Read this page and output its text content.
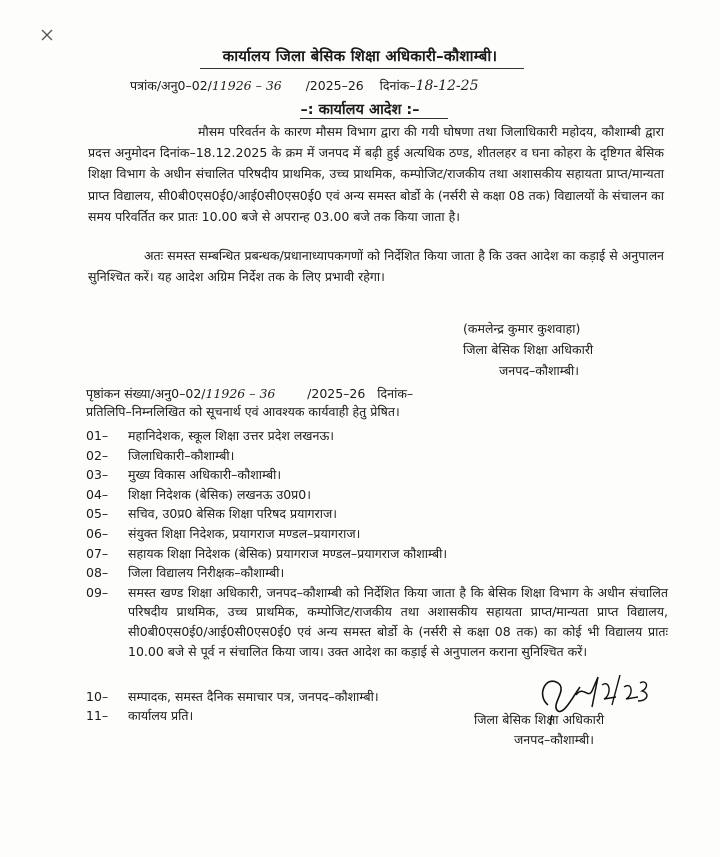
कार्यालय जिला बेसिक शिक्षा अधिकारी–कौशाम्बी।
पत्रांक/अनु0–02/11926 – 36 /2025–26 दिनांक–18-12-25
–: कार्यालय आदेश :–
मौसम परिवर्तन के कारण मौसम विभाग द्वारा की गयी घोषणा तथा जिलाधिकारी महोदय, कौशाम्बी द्वारा प्रदत्त अनुमोदन दिनांक–18.12.2025 के क्रम में जनपद में बढ़ी हुई अत्यधिक ठण्ड, शीतलहर व घना कोहरा के दृष्टिगत बेसिक शिक्षा विभाग के अधीन संचालित परिषदीय प्राथमिक, उच्च प्राथमिक, कम्पोजिट/राजकीय तथा अशासकीय सहायता प्राप्त/मान्यता प्राप्त विद्यालय, सी0बी0एस0ई0/आई0सी0एस0ई0 एवं अन्य समस्त बोर्डो के (नर्सरी से कक्षा 08 तक) विद्यालयों के संचालन का समय परिवर्तित कर प्रातः 10.00 बजे से अपरान्ह 03.00 बजे तक किया जाता है।
अतः समस्त सम्बन्धित प्रबन्धक/प्रधानाध्यापकगणों को निर्देशित किया जाता है कि उक्त आदेश का कड़ाई से अनुपालन सुनिश्चित करें। यह आदेश अग्रिम निर्देश तक के लिए प्रभावी रहेगा।
(कमलेन्द्र कुमार कुशवाहा)
जिला बेसिक शिक्षा अधिकारी
जनपद–कौशाम्बी।
पृष्ठांकन संख्या/अनु0–02/11926 – 36	/2025–26 दिनांक–
प्रतिलिपि–निम्नलिखित को सूचनार्थ एवं आवश्यक कार्यवाही हेतु प्रेषित।
01–	महानिदेशक, स्कूल शिक्षा उत्तर प्रदेश लखनऊ।
02–	जिलाधिकारी–कौशाम्बी।
03–	मुख्य विकास अधिकारी–कौशाम्बी।
04–	शिक्षा निदेशक (बेसिक) लखनऊ उ0प्र0।
05–	सचिव, उ0प्र0 बेसिक शिक्षा परिषद प्रयागराज।
06–	संयुक्त शिक्षा निदेशक, प्रयागराज मण्डल–प्रयागराज।
07–	सहायक शिक्षा निदेशक (बेसिक) प्रयागराज मण्डल–प्रयागराज कौशाम्बी।
08–	जिला विद्यालय निरीक्षक–कौशाम्बी।
09–	समस्त खण्ड शिक्षा अधिकारी, जनपद–कौशाम्बी को निर्देशित किया जाता है कि बेसिक शिक्षा विभाग के अधीन संचालित परिषदीय प्राथमिक, उच्च प्राथमिक, कम्पोजिट/राजकीय तथा अशासकीय सहायता प्राप्त/मान्यता प्राप्त विद्यालय, सी0बी0एस0ई0/आई0सी0एस0ई0 एवं अन्य समस्त बोर्डो के (नर्सरी से कक्षा 08 तक) का कोई भी विद्यालय प्रातः 10.00 बजे से पूर्व न संचालित किया जाय। उक्त आदेश का कड़ाई से अनुपालन कराना सुनिश्चित करें।
10–	सम्पादक, समस्त दैनिक समाचार पत्र, जनपद–कौशाम्बी।
11–	कार्यालय प्रति।	जिला बेसिक शिक्षा अधिकारी
जनपद–कौशाम्बी।
